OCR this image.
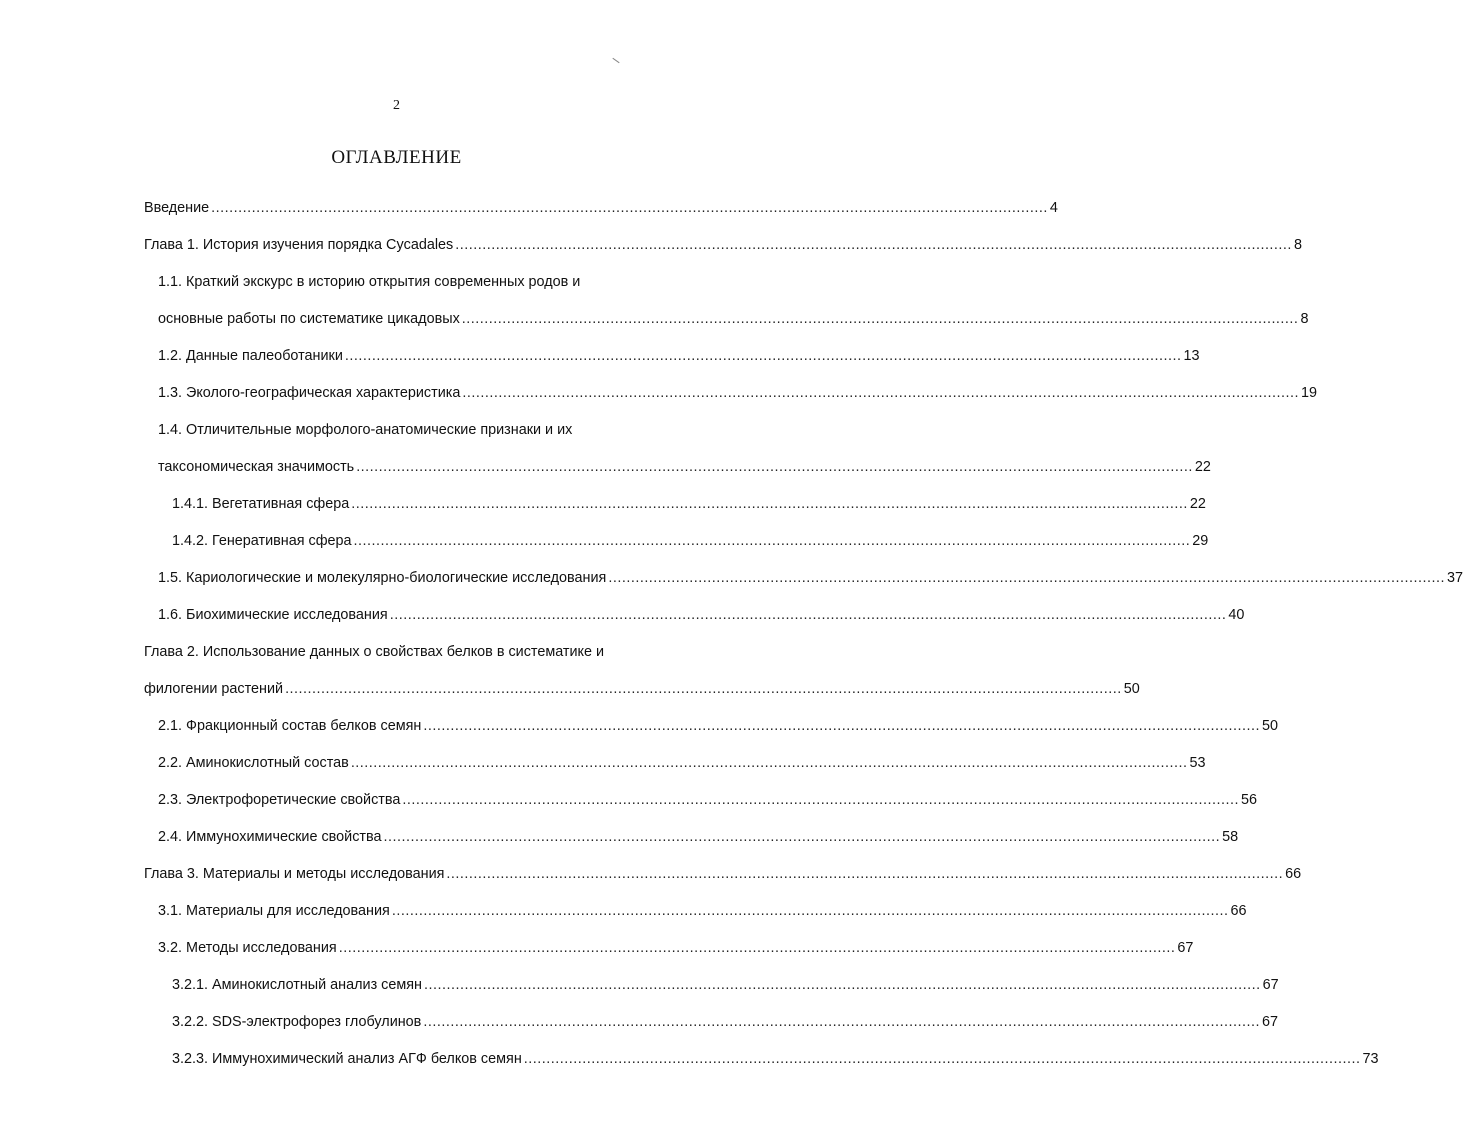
2
ОГЛАВЛЕНИЕ
Введение .......................................................................................................................................................................................... 4
Глава 1. История изучения порядка Cycadales .......................................................................................................................................................................................... 8
1.1. Краткий экскурс в историю открытия современных родов и
основные работы по систематике цикадовых .......................................................................................................................................................................................... 8
1.2. Данные палеоботаники .......................................................................................................................................................................................... 13
1.3. Эколого-географическая характеристика .......................................................................................................................................................................................... 19
1.4. Отличительные морфолого-анатомические признаки и их
таксономическая значимость .......................................................................................................................................................................................... 22
1.4.1. Вегетативная сфера .......................................................................................................................................................................................... 22
1.4.2. Генеративная сфера .......................................................................................................................................................................................... 29
1.5. Кариологические и молекулярно-биологические исследования .......................................................................................................................................................................................... 37
1.6. Биохимические исследования .......................................................................................................................................................................................... 40
Глава 2. Использование данных о свойствах белков в систематике и
филогении растений .......................................................................................................................................................................................... 50
2.1. Фракционный состав белков семян .......................................................................................................................................................................................... 50
2.2. Аминокислотный состав .......................................................................................................................................................................................... 53
2.3. Электрофоретические свойства .......................................................................................................................................................................................... 56
2.4. Иммунохимические свойства .......................................................................................................................................................................................... 58
Глава 3. Материалы и методы исследования .......................................................................................................................................................................................... 66
3.1. Материалы для исследования .......................................................................................................................................................................................... 66
3.2. Методы исследования .......................................................................................................................................................................................... 67
3.2.1. Аминокислотный анализ семян .......................................................................................................................................................................................... 67
3.2.2. SDS-электрофорез глобулинов .......................................................................................................................................................................................... 67
3.2.3. Иммунохимический анализ АГФ белков семян .......................................................................................................................................................................................... 73
